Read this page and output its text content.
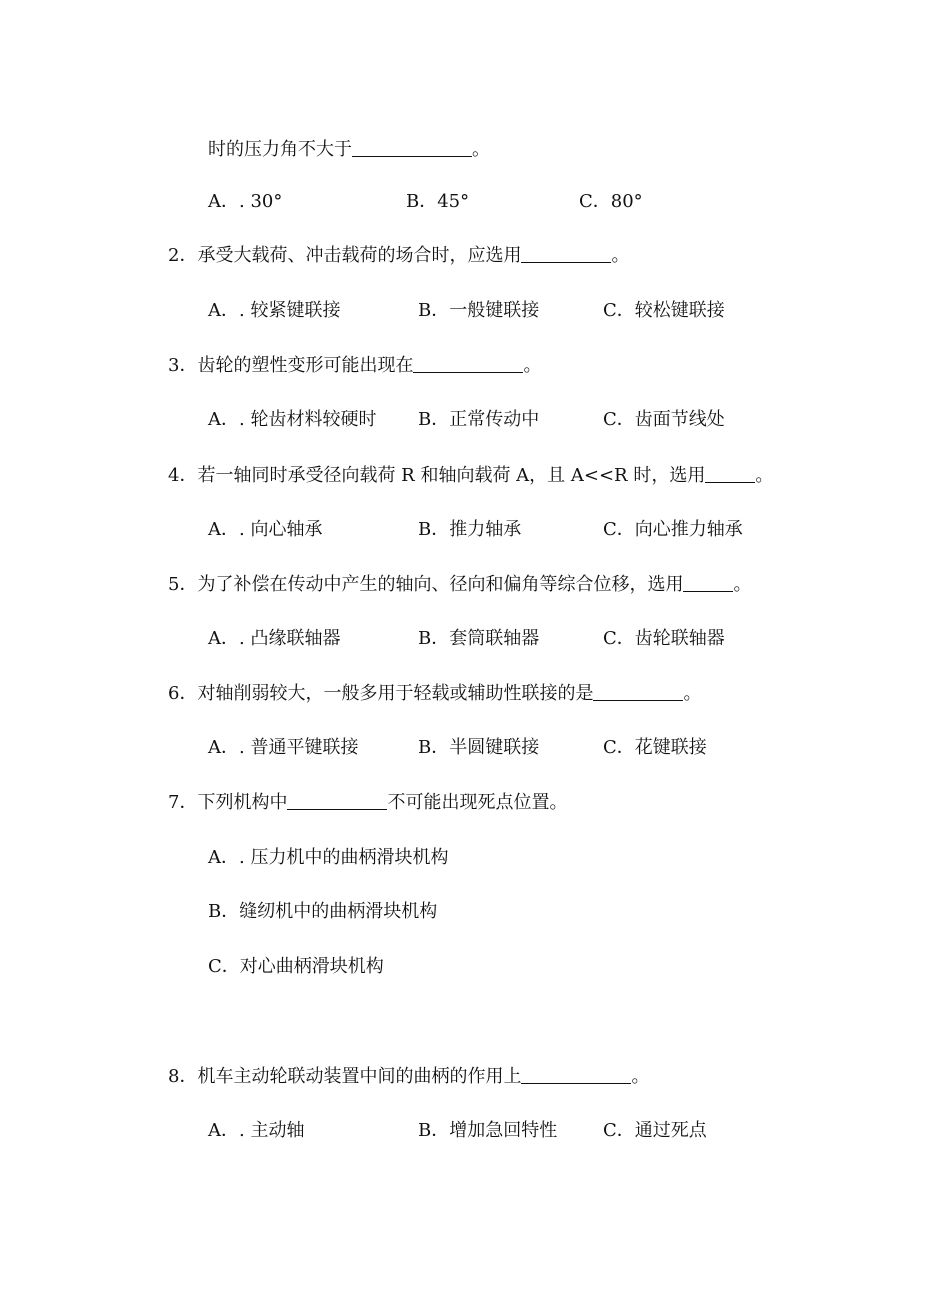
时的压力角不大于	。
A．. 30°	B．45°	C．80°
2．承受大载荷、冲击载荷的场合时，应选用	。
A．. 较紧键联接	B．一般键联接	C．较松键联接
3．齿轮的塑性变形可能出现在	。
A．. 轮齿材料较硬时 B．正常传动中	C．齿面节线处
4．若一轴同时承受径向载荷 R 和轴向载荷 A，且 A<<R 时，选用	。
A．. 向心轴承	B．推力轴承	C．向心推力轴承
5．为了补偿在传动中产生的轴向、径向和偏角等综合位移，选用	。
A．. 凸缘联轴器	B．套筒联轴器	C．齿轮联轴器
6．对轴削弱较大，一般多用于轻载或辅助性联接的是	。
A．. 普通平键联接	B．半圆键联接	C．花键联接
7．下列机构中	不可能出现死点位置。
A．. 压力机中的曲柄滑块机构
B．缝纫机中的曲柄滑块机构
C．对心曲柄滑块机构
8．机车主动轮联动装置中间的曲柄的作用上	。
A．. 主动轴	B．增加急回特性	C．通过死点
